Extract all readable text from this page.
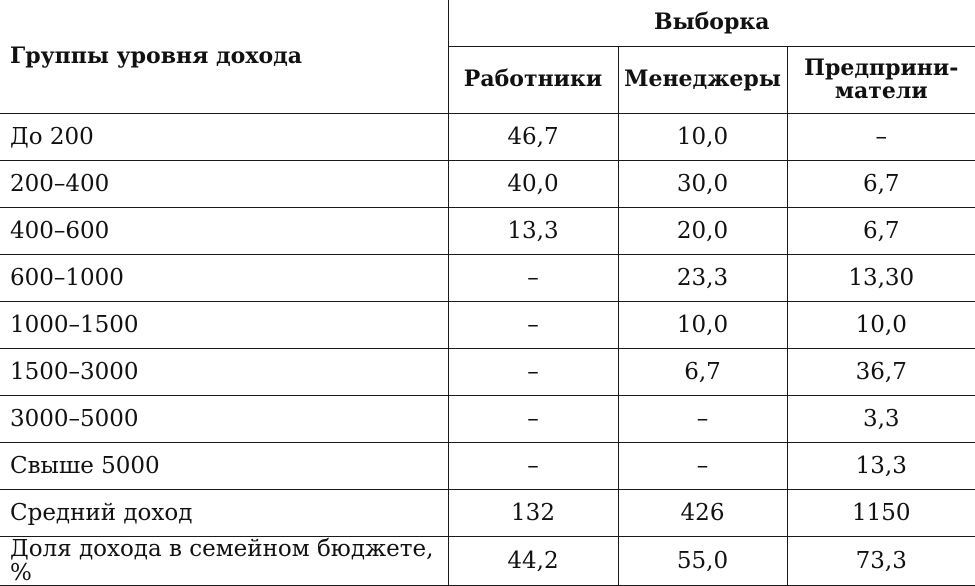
Группы уровня дохода	Выборка		
	Работники	Менеджеры	Предприни-
матели
До 200	46,7	10,0	–
200–400	40,0	30,0	6,7
400–600	13,3	20,0	6,7
600–1000	–	23,3	13,30
1000–1500	–	10,0	10,0
1500–3000	–	6,7	36,7
3000–5000	–	–	3,3
Свыше 5000	–	–	13,3
Средний доход	132	426	1150
Доля дохода в семейном бюджете, %	44,2	55,0	73,3
